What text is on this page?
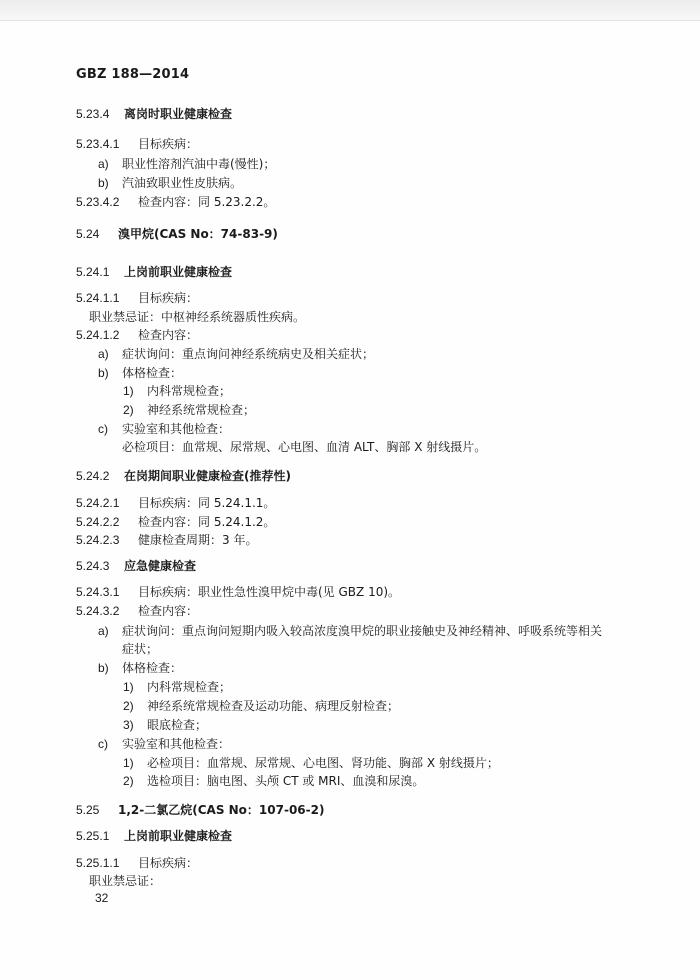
GBZ 188—2014
5.23.4 离岗时职业健康检查
5.23.4.1 目标疾病：
a) 职业性溶剂汽油中毒(慢性)；
b) 汽油致职业性皮肤病。
5.23.4.2 检查内容：同 5.23.2.2。
5.24 溴甲烷(CAS No：74-83-9)
5.24.1 上岗前职业健康检查
5.24.1.1 目标疾病：
职业禁忌证：中枢神经系统器质性疾病。
5.24.1.2 检查内容：
a) 症状询问：重点询问神经系统病史及相关症状；
b) 体格检查：
1) 内科常规检查；
2) 神经系统常规检查；
c) 实验室和其他检查：
必检项目：血常规、尿常规、心电图、血清 ALT、胸部 X 射线摄片。
5.24.2 在岗期间职业健康检查(推荐性)
5.24.2.1 目标疾病：同 5.24.1.1。
5.24.2.2 检查内容：同 5.24.1.2。
5.24.2.3 健康检查周期：3 年。
5.24.3 应急健康检查
5.24.3.1 目标疾病：职业性急性溴甲烷中毒(见 GBZ 10)。
5.24.3.2 检查内容：
a) 症状询问：重点询问短期内吸入较高浓度溴甲烷的职业接触史及神经精神、呼吸系统等相关
症状；
b) 体格检查：
1) 内科常规检查；
2) 神经系统常规检查及运动功能、病理反射检查；
3) 眼底检查；
c) 实验室和其他检查：
1) 必检项目：血常规、尿常规、心电图、肾功能、胸部 X 射线摄片；
2) 选检项目：脑电图、头颅 CT 或 MRI、血溴和尿溴。
5.25 1,2-二氯乙烷(CAS No：107-06-2)
5.25.1 上岗前职业健康检查
5.25.1.1 目标疾病：
职业禁忌证：
32
